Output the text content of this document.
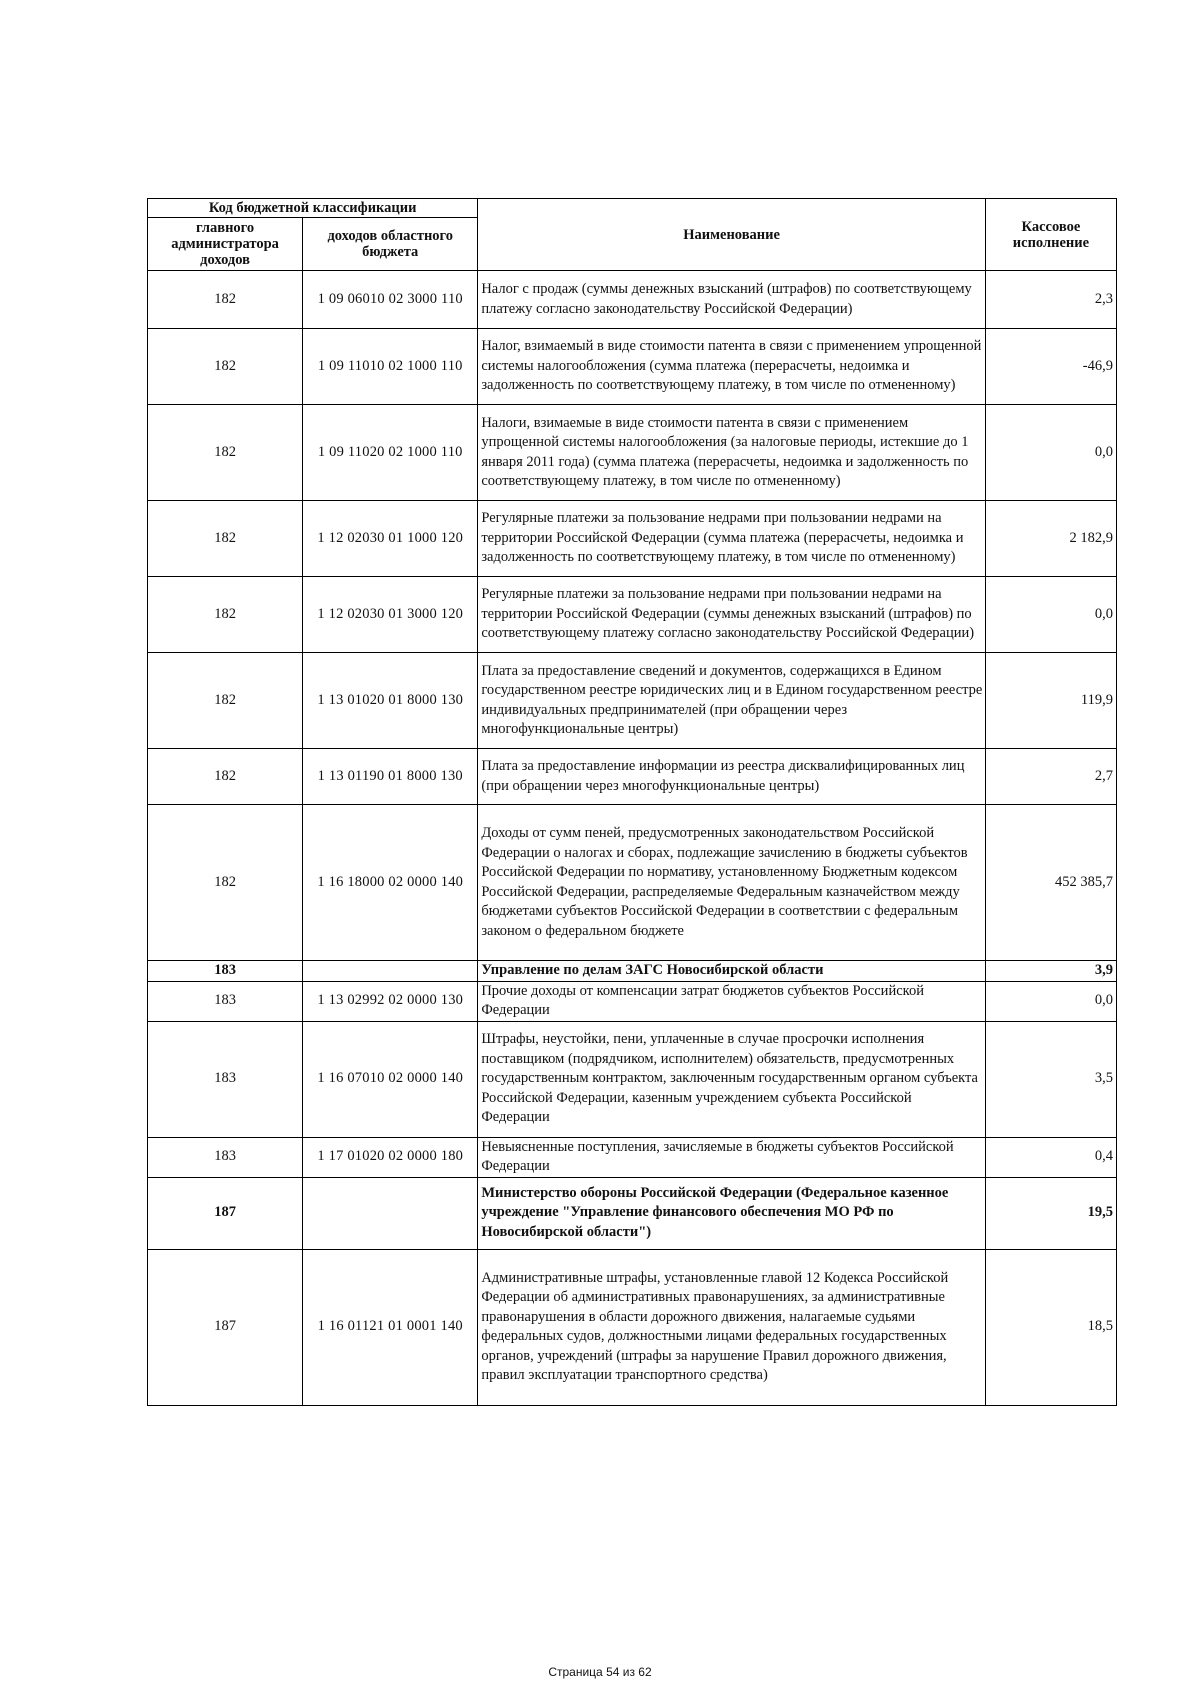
Код бюджетной классификации		Наименование	Кассовое исполнение
главного администратора доходов	доходов областного бюджета		
182	1 09 06010 02 3000 110	Налог с продаж (суммы денежных взысканий (штрафов) по соответствующему платежу согласно законодательству Российской Федерации)	2,3
182	1 09 11010 02 1000 110	Налог, взимаемый в виде стоимости патента в связи с применением упрощенной системы налогообложения (сумма платежа (перерасчеты, недоимка и задолженность по соответствующему платежу, в том числе по отмененному)	-46,9
182	1 09 11020 02 1000 110	Налоги, взимаемые в виде стоимости патента в связи с применением упрощенной системы налогообложения (за налоговые периоды, истекшие до 1 января 2011 года) (сумма платежа (перерасчеты, недоимка и задолженность по соответствующему платежу, в том числе по отмененному)	0,0
182	1 12 02030 01 1000 120	Регулярные платежи за пользование недрами при пользовании недрами на территории Российской Федерации (сумма платежа (перерасчеты, недоимка и задолженность по соответствующему платежу, в том числе по отмененному)	2 182,9
182	1 12 02030 01 3000 120	Регулярные платежи за пользование недрами при пользовании недрами на территории Российской Федерации (суммы денежных взысканий (штрафов) по соответствующему платежу согласно законодательству Российской Федерации)	0,0
182	1 13 01020 01 8000 130	Плата за предоставление сведений и документов, содержащихся в Едином государственном реестре юридических лиц и в Едином государственном реестре индивидуальных предпринимателей (при обращении через многофункциональные центры)	119,9
182	1 13 01190 01 8000 130	Плата за предоставление информации из реестра дисквалифицированных лиц (при обращении через многофункциональные центры)	2,7
182	1 16 18000 02 0000 140	Доходы от сумм пеней, предусмотренных законодательством Российской Федерации о налогах и сборах, подлежащие зачислению в бюджеты субъектов Российской Федерации по нормативу, установленному Бюджетным кодексом Российской Федерации, распределяемые Федеральным казначейством между бюджетами субъектов Российской Федерации в соответствии с федеральным законом о федеральном бюджете	452 385,7
183		Управление по делам ЗАГС Новосибирской области	3,9
183	1 13 02992 02 0000 130	Прочие доходы от компенсации затрат бюджетов субъектов Российской Федерации	0,0
183	1 16 07010 02 0000 140	Штрафы, неустойки, пени, уплаченные в случае просрочки исполнения поставщиком (подрядчиком, исполнителем) обязательств, предусмотренных государственным контрактом, заключенным государственным органом субъекта Российской Федерации, казенным учреждением субъекта Российской Федерации	3,5
183	1 17 01020 02 0000 180	Невыясненные поступления, зачисляемые в бюджеты субъектов Российской Федерации	0,4
187		Министерство обороны Российской Федерации (Федеральное казенное учреждение "Управление финансового обеспечения МО РФ по Новосибирской области")	19,5
187	1 16 01121 01 0001 140	Административные штрафы, установленные главой 12 Кодекса Российской Федерации об административных правонарушениях, за административные правонарушения в области дорожного движения, налагаемые судьями федеральных судов, должностными лицами федеральных государственных органов, учреждений (штрафы за нарушение Правил дорожного движения, правил эксплуатации транспортного средства)	18,5
Страница 54 из 62
